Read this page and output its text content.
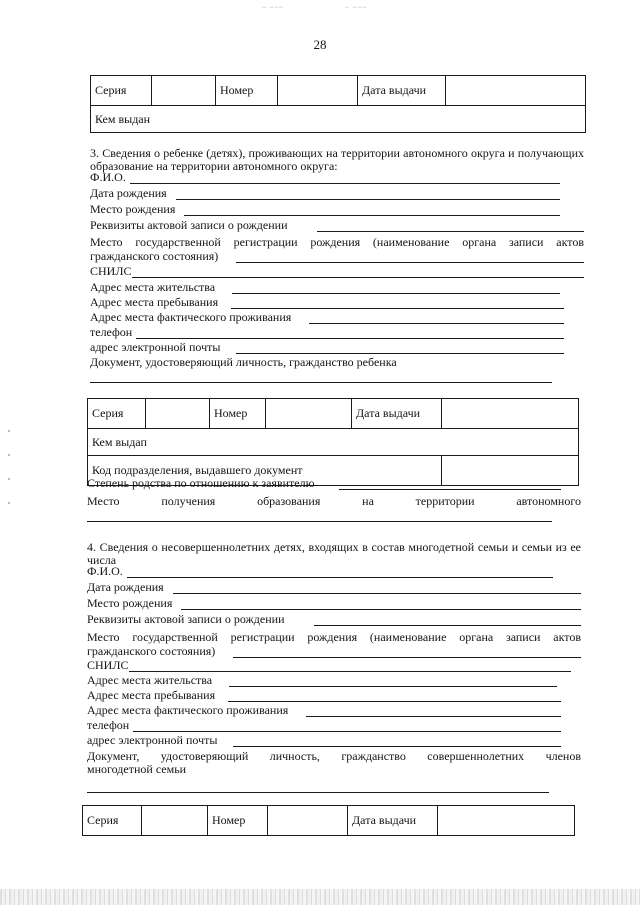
~ ~~~	~ ~~~
28
Серия		Номер		Дата выдачи	
Кем выдан
3. Сведения о ребенке (детях), проживающих на территории автономного округа и получающих образование на территории автономного округа:
Ф.И.О.
Дата рождения
Место рождения
Реквизиты актовой записи о рождении
Место государственной регистрации рождения (наименование органа записи актов
гражданского состояния)
СНИЛС
Адрес места жительства
Адрес места пребывания
Адрес места фактического проживания
телефон
адрес электронной почты
Документ, удостоверяющий личность, гражданство ребенка
Серия		Номер		Дата выдачи	
Кем выдап					
Код подразделения, выдавшего документ					
Степень родства по отношению к заявителю
Место	получения	образования	на	территории	автономного
4. Сведения о несовершеннолетних детях, входящих в состав многодетной семьи и семьи из ее числа
Ф.И.О.
Дата рождения
Место рождения
Реквизиты актовой записи о рождении
Место государственной регистрации рождения (наименование органа записи актов
гражданского состояния)
СНИЛС
Адрес места жительства
Адрес места пребывания
Адрес места фактического проживания
телефон
адрес электронной почты
Документ, удостоверяющий личность, гражданство совершеннолетних членов
многодетной семьи
Серия		Номер		Дата выдачи	
